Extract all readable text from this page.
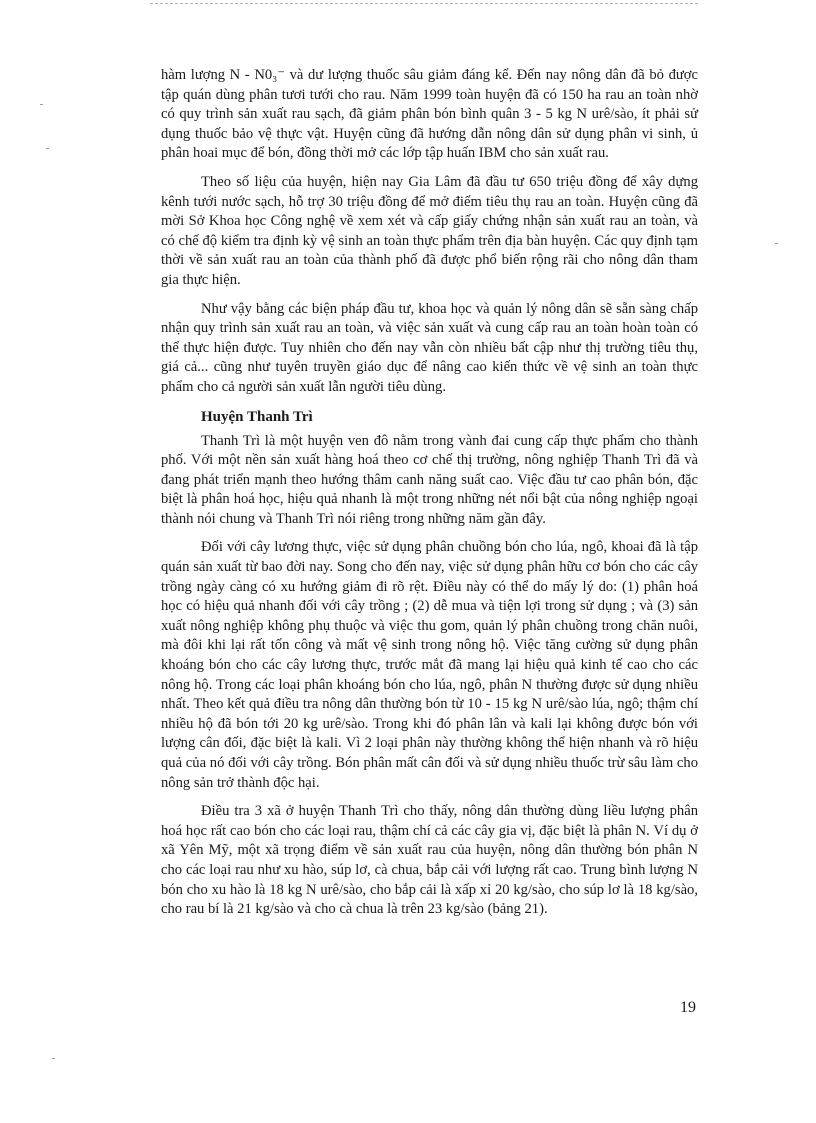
hàm lượng N - N0₃⁻ và dư lượng thuốc sâu giảm đáng kể. Đến nay nông dân đã bỏ được tập quán dùng phân tươi tưới cho rau. Năm 1999 toàn huyện đã có 150 ha rau an toàn nhờ có quy trình sản xuất rau sạch, đã giảm phân bón bình quân 3 - 5 kg N urê/sào, ít phải sử dụng thuốc bảo vệ thực vật. Huyện cũng đã hướng dẫn nông dân sử dụng phân vi sinh, ủ phân hoai mục để bón, đồng thời mở các lớp tập huấn IBM cho sản xuất rau.

Theo số liệu của huyện, hiện nay Gia Lâm đã đầu tư 650 triệu đồng để xây dựng kênh tưới nước sạch, hỗ trợ 30 triệu đồng để mở điểm tiêu thụ rau an toàn. Huyện cũng đã mời Sở Khoa học Công nghệ về xem xét và cấp giấy chứng nhận sản xuất rau an toàn, và có chế độ kiểm tra định kỳ vệ sinh an toàn thực phẩm trên địa bàn huyện. Các quy định tạm thời về sản xuất rau an toàn của thành phố đã được phổ biến rộng rãi cho nông dân tham gia thực hiện.

Như vậy bằng các biện pháp đầu tư, khoa học và quản lý nông dân sẽ sẵn sàng chấp nhận quy trình sản xuất rau an toàn, và việc sản xuất và cung cấp rau an toàn hoàn toàn có thể thực hiện được. Tuy nhiên cho đến nay vẫn còn nhiều bất cập như thị trường tiêu thụ, giá cả... cũng như tuyên truyền giáo dục để nâng cao kiến thức về vệ sinh an toàn thực phẩm cho cả người sản xuất lẫn người tiêu dùng.

Huyện Thanh Trì

Thanh Trì là một huyện ven đô nằm trong vành đai cung cấp thực phẩm cho thành phố. Với một nền sản xuất hàng hoá theo cơ chế thị trường, nông nghiệp Thanh Trì đã và đang phát triển mạnh theo hướng thâm canh năng suất cao. Việc đầu tư cao phân bón, đặc biệt là phân hoá học, hiệu quả nhanh là một trong những nét nổi bật của nông nghiệp ngoại thành nói chung và Thanh Trì nói riêng trong những năm gần đây.

Đối với cây lương thực, việc sử dụng phân chuồng bón cho lúa, ngô, khoai đã là tập quán sản xuất từ bao đời nay. Song cho đến nay, việc sử dụng phân hữu cơ bón cho các cây trồng ngày càng có xu hướng giảm đi rõ rệt. Điều này có thể do mấy lý do: (1) phân hoá học có hiệu quả nhanh đối với cây trồng ; (2) dễ mua và tiện lợi trong sử dụng ; và (3) sản xuất nông nghiệp không phụ thuộc và việc thu gom, quản lý phân chuồng trong chăn nuôi, mà đôi khi lại rất tốn công và mất vệ sinh trong nông hộ. Việc tăng cường sử dụng phân khoáng bón cho các cây lương thực, trước mắt đã mang lại hiệu quả kinh tế cao cho các nông hộ. Trong các loại phân khoáng bón cho lúa, ngô, phân N thường được sử dụng nhiều nhất. Theo kết quả điều tra nông dân thường bón từ 10 - 15 kg N urê/sào lúa, ngô; thậm chí nhiều hộ đã bón tới 20 kg urê/sào. Trong khi đó phân lân và kali lại không được bón với lượng cân đối, đặc biệt là kali. Vì 2 loại phân này thường không thể hiện nhanh và rõ hiệu quả của nó đối với cây trồng. Bón phân mất cân đối và sử dụng nhiều thuốc trừ sâu làm cho nông sản trở thành độc hại.

Điều tra 3 xã ở huyện Thanh Trì cho thấy, nông dân thường dùng liều lượng phân hoá học rất cao bón cho các loại rau, thậm chí cả các cây gia vị, đặc biệt là phân N. Ví dụ ở xã Yên Mỹ, một xã trọng điểm về sản xuất rau của huyện, nông dân thường bón phân N cho các loại rau như xu hào, súp lơ, cà chua, bắp cải với lượng rất cao. Trung bình lượng N bón cho xu hào là 18 kg N urê/sào, cho bắp cải là xấp xỉ 20 kg/sào, cho súp lơ là 18 kg/sào, cho rau bí là 21 kg/sào và cho cà chua là trên 23 kg/sào (bảng 21).

19
